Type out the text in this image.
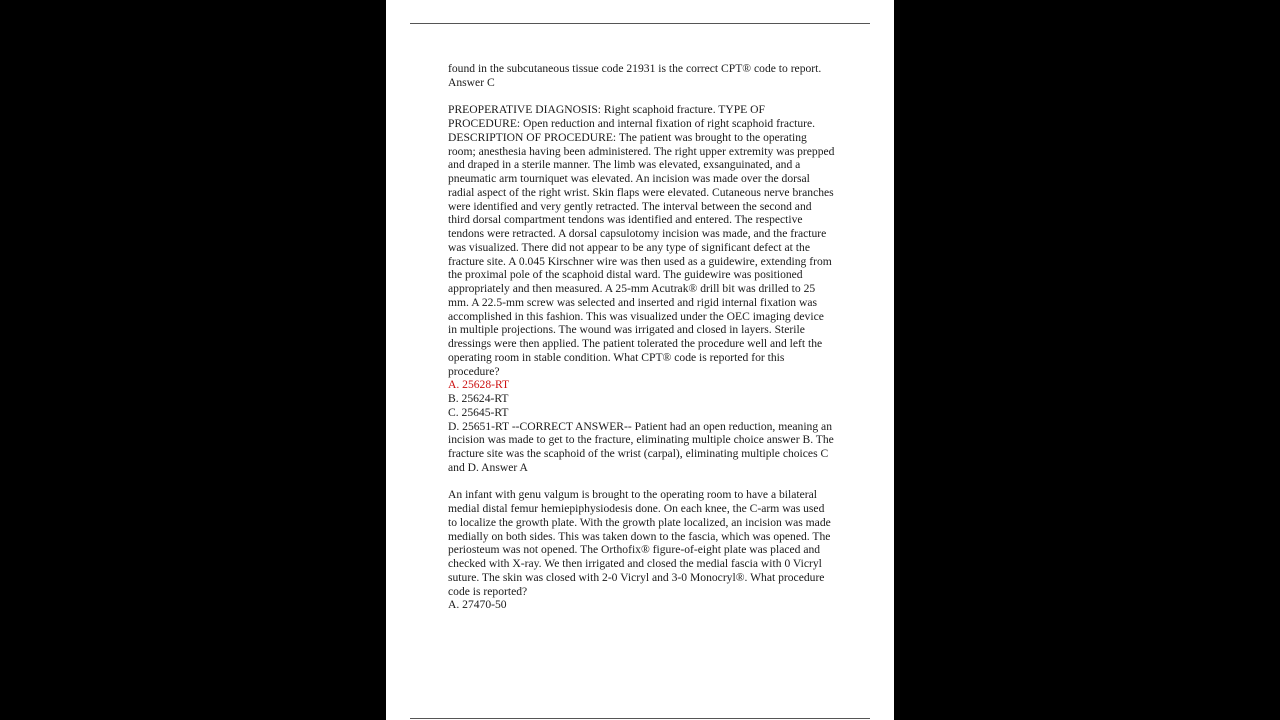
found in the subcutaneous tissue code 21931 is the correct CPT® code to report.
Answer C

PREOPERATIVE DIAGNOSIS: Right scaphoid fracture. TYPE OF
PROCEDURE: Open reduction and internal fixation of right scaphoid fracture.
DESCRIPTION OF PROCEDURE: The patient was brought to the operating
room; anesthesia having been administered. The right upper extremity was prepped
and draped in a sterile manner. The limb was elevated, exsanguinated, and a
pneumatic arm tourniquet was elevated. An incision was made over the dorsal
radial aspect of the right wrist. Skin flaps were elevated. Cutaneous nerve branches
were identified and very gently retracted. The interval between the second and
third dorsal compartment tendons was identified and entered. The respective
tendons were retracted. A dorsal capsulotomy incision was made, and the fracture
was visualized. There did not appear to be any type of significant defect at the
fracture site. A 0.045 Kirschner wire was then used as a guidewire, extending from
the proximal pole of the scaphoid distal ward. The guidewire was positioned
appropriately and then measured. A 25-mm Acutrak® drill bit was drilled to 25
mm. A 22.5-mm screw was selected and inserted and rigid internal fixation was
accomplished in this fashion. This was visualized under the OEC imaging device
in multiple projections. The wound was irrigated and closed in layers. Sterile
dressings were then applied. The patient tolerated the procedure well and left the
operating room in stable condition. What CPT® code is reported for this
procedure?

A. 25628-RT

B. 25624-RT

C. 25645-RT

D. 25651-RT --CORRECT ANSWER-- Patient had an open reduction, meaning an
incision was made to get to the fracture, eliminating multiple choice answer B. The
fracture site was the scaphoid of the wrist (carpal), eliminating multiple choices C
and D. Answer A

An infant with genu valgum is brought to the operating room to have a bilateral
medial distal femur hemiepiphysiodesis done. On each knee, the C-arm was used
to localize the growth plate. With the growth plate localized, an incision was made
medially on both sides. This was taken down to the fascia, which was opened. The
periosteum was not opened. The Orthofix® figure-of-eight plate was placed and
checked with X-ray. We then irrigated and closed the medial fascia with 0 Vicryl
suture. The skin was closed with 2-0 Vicryl and 3-0 Monocryl®. What procedure
code is reported?

A. 27470-50
